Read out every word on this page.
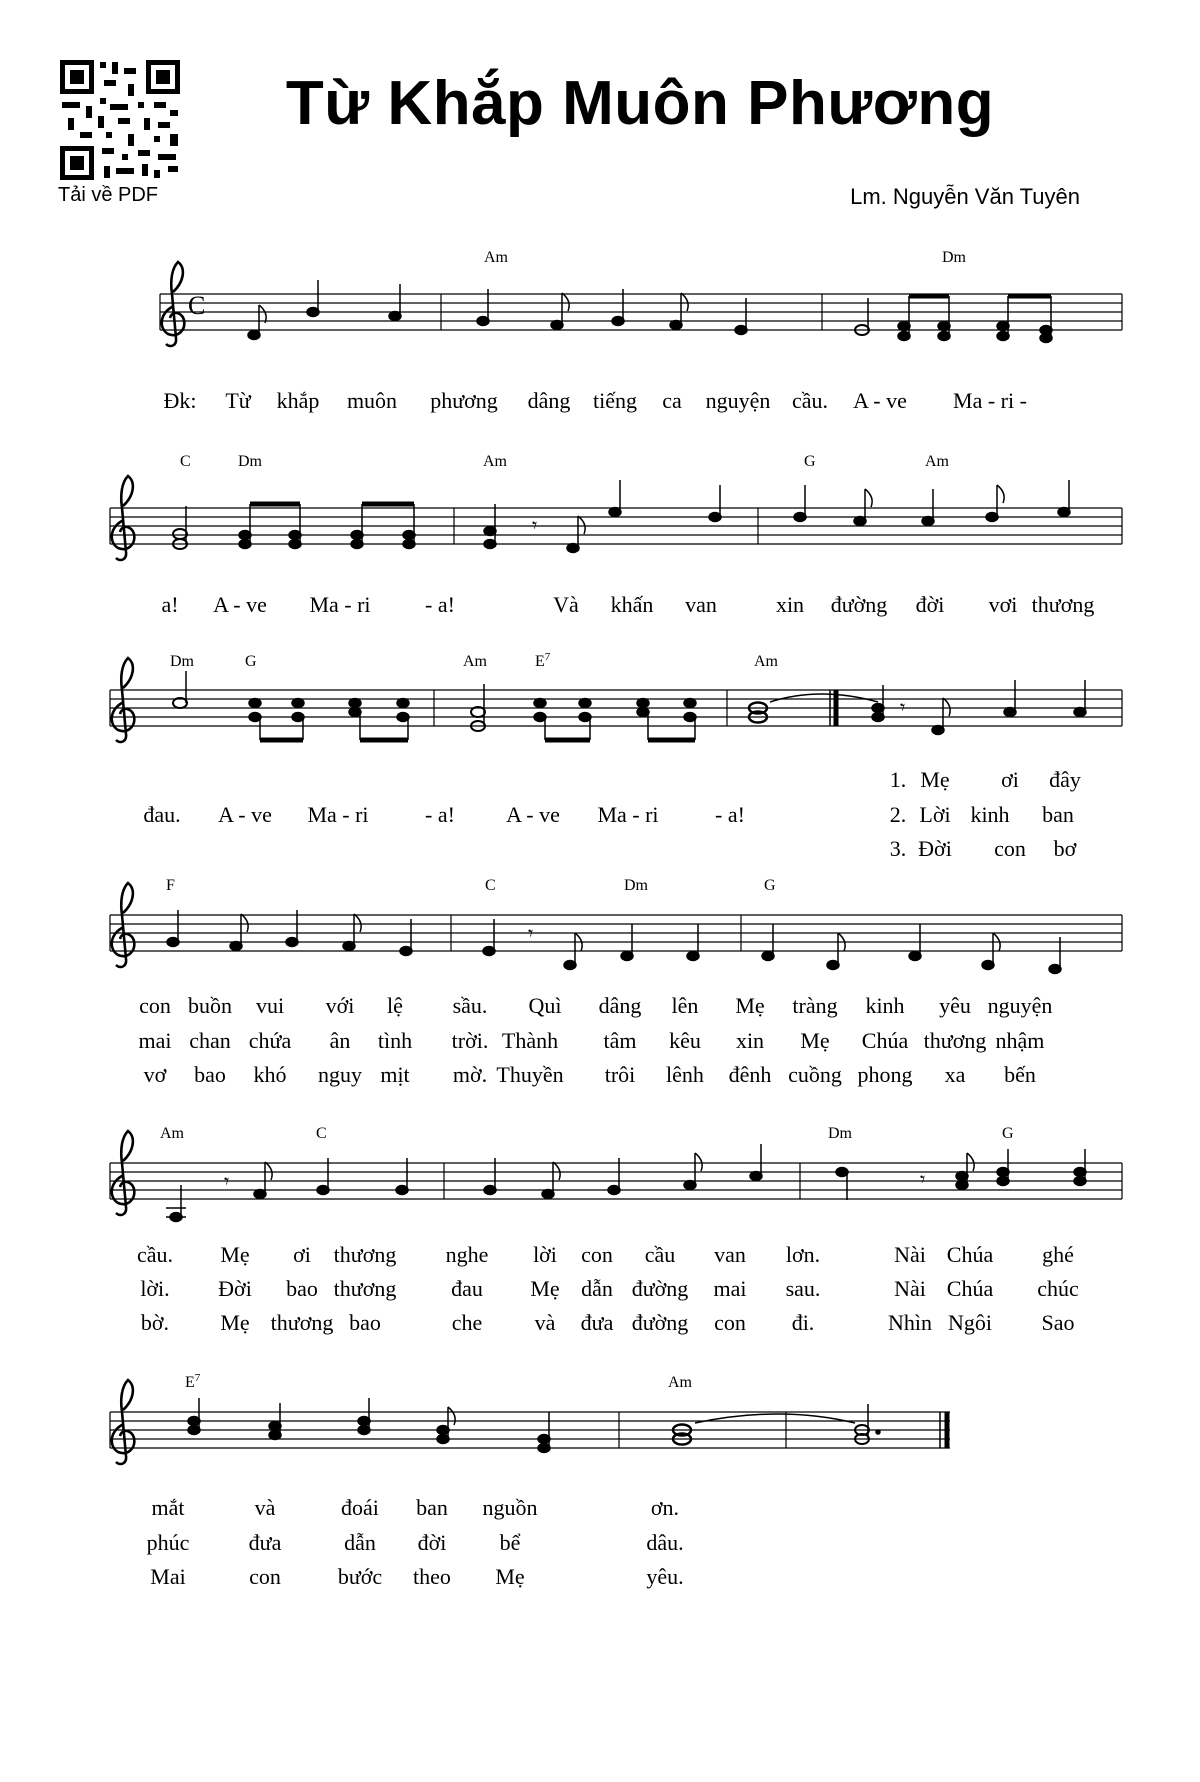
Tải về PDF
Từ Khắp Muôn Phương
Lm. Nguyễn Văn Tuyên
C
𝄾
𝄾
𝄾
𝄾	𝄾
Am	Dm
Đk: Từ khắp muôn phương dâng tiếng ca nguyện cầu. A - ve Ma - ri -
C	Dm	Am	G	Am
a! A - ve Ma - ri - a!	Và khấn van	xin đường đời vơi thương
Dm	G	Am	$E^7$	Am
1. Mẹ ơi đây
đau. A - ve Ma - ri	- a! A - ve Ma - ri	- a!	2. Lời kinh ban
3. Đời con bơ
F	C	Dm	G
con buồn vui với lệ sầu. Quì dâng lên Mẹ tràng kinh yêu nguyện
mai chan chứa ân tình trời. Thành tâm kêu xin Mẹ Chúa thương nhậm
vơ bao khó nguy mịt mờ. Thuyền trôi lênh đênh cuồng phong xa bến
Am	C	Dm	G
cầu. Mẹ ơi thương nghe lời con cầu van lơn.	Nài Chúa ghé
lời. Đời bao thương đau Mẹ dẫn đường mai sau.	Nài Chúa chúc
bờ. Mẹ thương bao	che và đưa đường con đi.	Nhìn Ngôi Sao
$E^7$	Am
mắt	và	đoái ban nguồn	ơn.
phúc	đưa	dẫn đời bể	dâu.
Mai	con	bước theo Mẹ	yêu.
